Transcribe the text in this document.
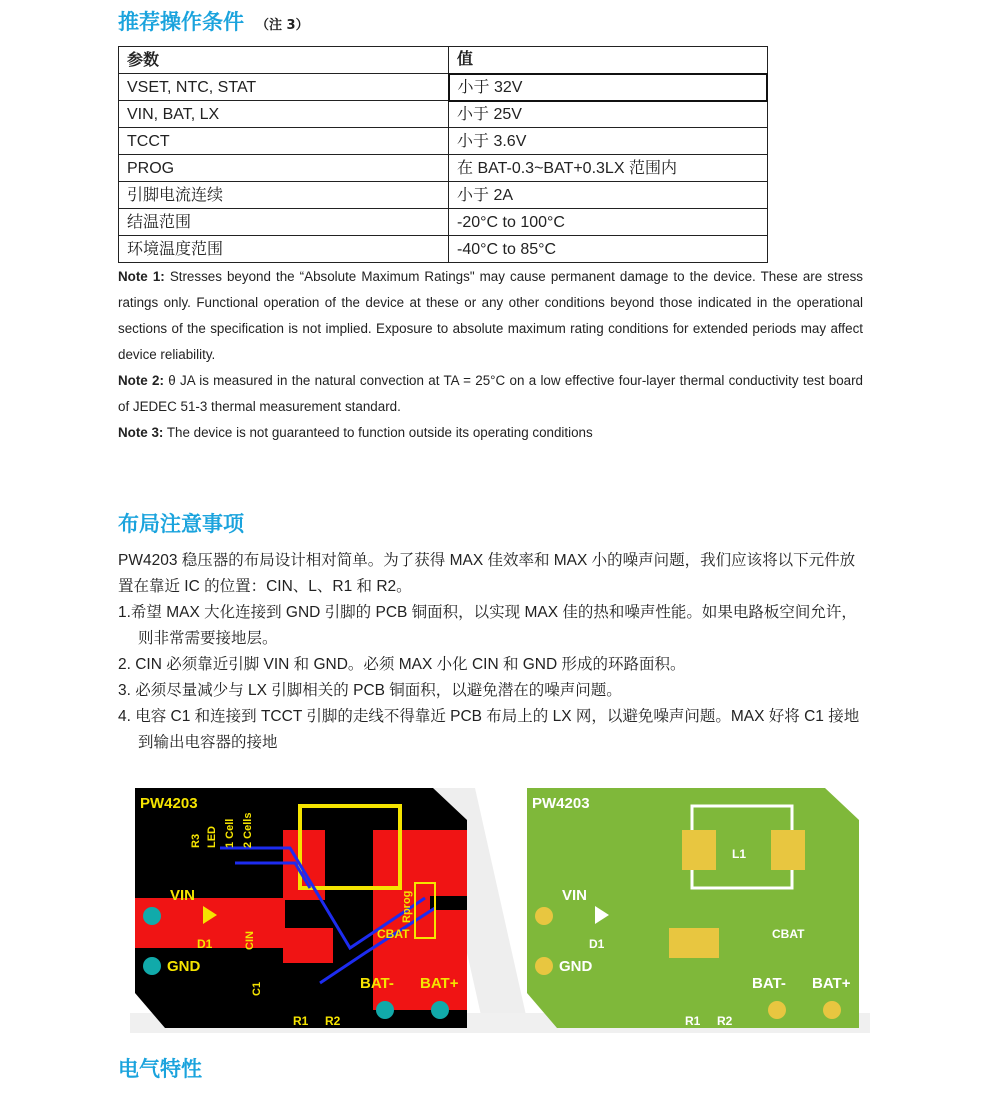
推荐操作条件 （注 3）
参数	值
VSET, NTC, STAT	小于 32V
VIN, BAT, LX	小于 25V
TCCT	小于 3.6V
PROG	在 BAT-0.3~BAT+0.3LX 范围内
引脚电流连续	小于 2A
结温范围	-20°C to 100°C
环境温度范围	-40°C to 85°C

Note 1: Stresses beyond the “Absolute Maximum Ratings" may cause permanent damage to the device. These are stress ratings only. Functional operation of the device at these or any other conditions beyond those indicated in the operational sections of the specification is not implied. Exposure to absolute maximum rating conditions for extended periods may affect device reliability.

Note 2: θ JA is measured in the natural convection at TA = 25°C on a low effective four-layer thermal conductivity test board of JEDEC 51-3 thermal measurement standard.

Note 3: The device is not guaranteed to function outside its operating conditions

布局注意事项

PW4203 稳压器的布局设计相对简单。为了获得 MAX 佳效率和 MAX 小的噪声问题，我们应该将以下元件放置在靠近 IC 的位置：CIN、L、R1 和 R2。

1.希望 MAX 大化连接到 GND 引脚的 PCB 铜面积，以实现 MAX 佳的热和噪声性能。如果电路板空间允许，则非常需要接地层。

2. CIN 必须靠近引脚 VIN 和 GND。必须 MAX 小化 CIN 和 GND 形成的环路面积。

3. 必须尽量减少与 LX 引脚相关的 PCB 铜面积，以避免潜在的噪声问题。

4. 电容 C1 和连接到 TCCT 引脚的走线不得靠近 PCB 布局上的 LX 网，以避免噪声问题。MAX 好将 C1 接地到输出电容器的接地

PW4203
VIN
GND
D1
L1
CBAT
BAT- BAT+
R1 R2
R3 LED 1 Cell 2 Cells
CIN
C1
Rprog
PW4203
VIN
GND
D1
L1
CBAT
BAT- BAT+
R1 R2
电气特性
